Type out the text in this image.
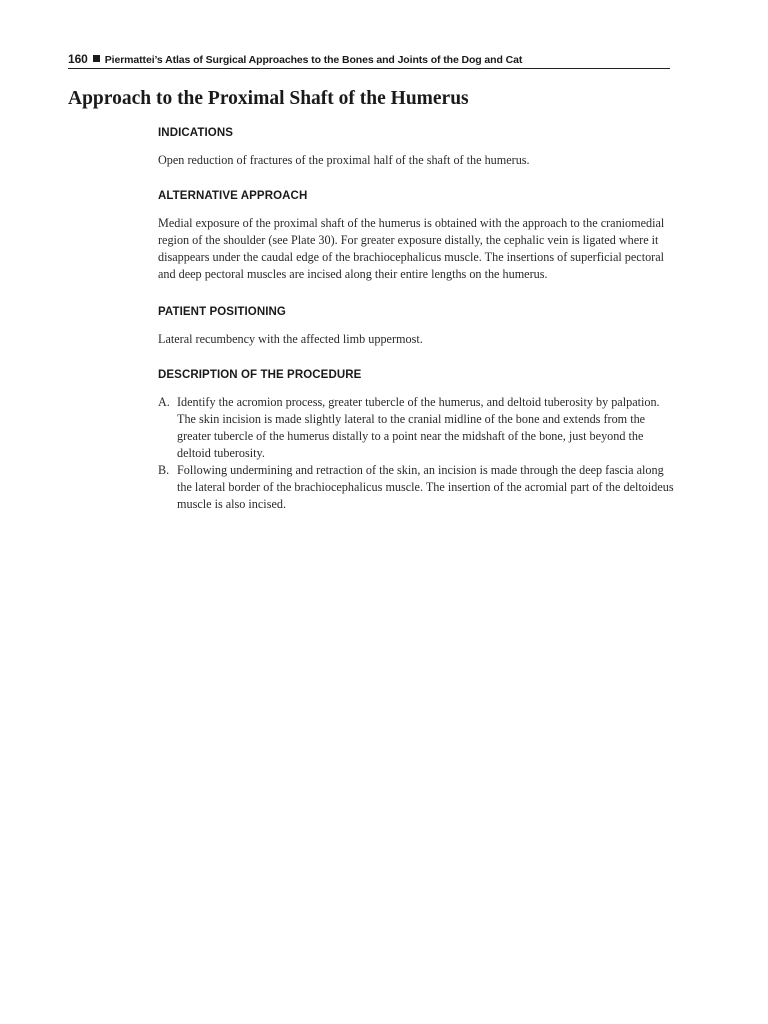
160 Piermattei’s Atlas of Surgical Approaches to the Bones and Joints of the Dog and Cat
Approach to the Proximal Shaft of the Humerus
INDICATIONS

Open reduction of fractures of the proximal half of the shaft of the humerus.

ALTERNATIVE APPROACH

Medial exposure of the proximal shaft of the humerus is obtained with the approach to the craniomedial region of the shoulder (see Plate 30). For greater exposure distally, the cephalic vein is ligated where it disappears under the caudal edge of the brachiocephalicus muscle. The insertions of superficial pectoral and deep pectoral muscles are incised along their entire lengths on the humerus.

PATIENT POSITIONING

Lateral recumbency with the affected limb uppermost.

DESCRIPTION OF THE PROCEDURE
A. Identify the acromion process, greater tubercle of the humerus, and deltoid tuberosity by palpation. The skin incision is made slightly lateral to the cranial midline of the bone and extends from the greater tubercle of the humerus distally to a point near the midshaft of the bone, just beyond the deltoid tuberosity.
B. Following undermining and retraction of the skin, an incision is made through the deep fascia along the lateral border of the brachiocephalicus muscle. The insertion of the acromial part of the deltoideus muscle is also incised.
